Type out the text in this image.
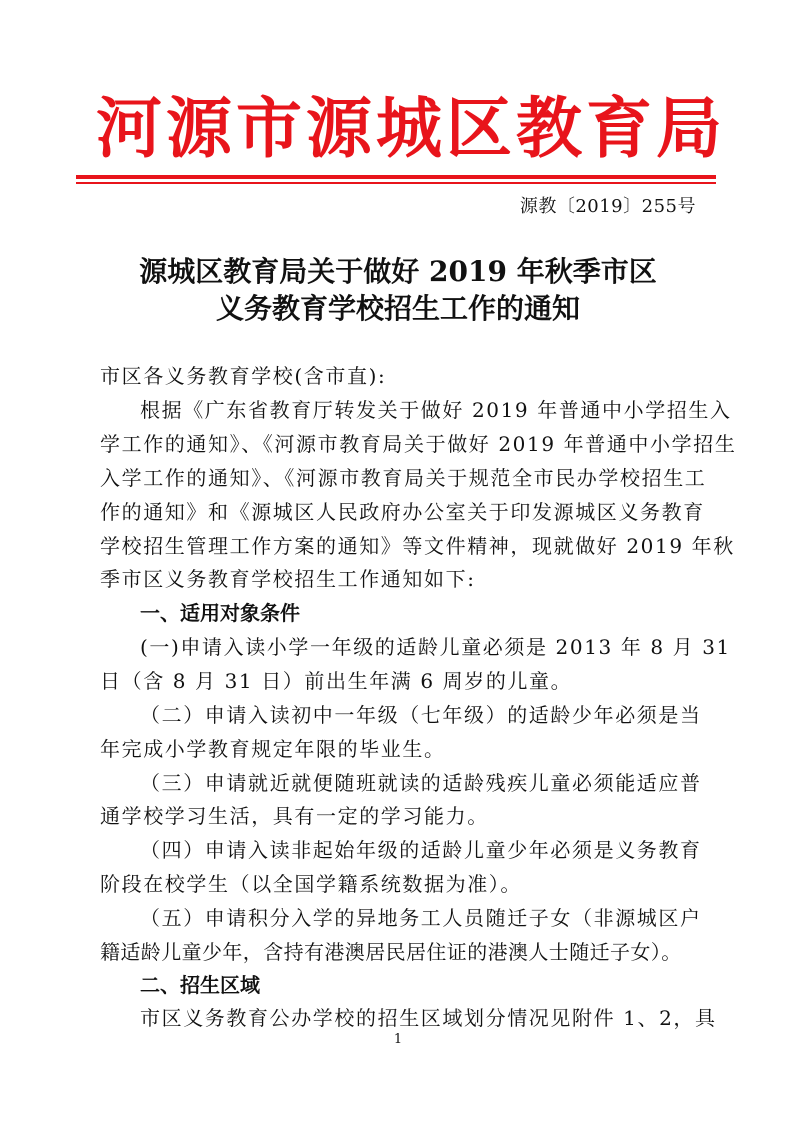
河源市源城区教育局
源教〔2019〕255号
源城区教育局关于做好 2019 年秋季市区
义务教育学校招生工作的通知

市区各义务教育学校(含市直):
根据《广东省教育厅转发关于做好 2019 年普通中小学招生入
学工作的通知》、《河源市教育局关于做好 2019 年普通中小学招生
入学工作的通知》、《河源市教育局关于规范全市民办学校招生工
作的通知》和《源城区人民政府办公室关于印发源城区义务教育
学校招生管理工作方案的通知》等文件精神，现就做好 2019 年秋
季市区义务教育学校招生工作通知如下:
一、适用对象条件
(一)申请入读小学一年级的适龄儿童必须是 2013 年 8 月 31
日（含 8 月 31 日）前出生年满 6 周岁的儿童。
（二）申请入读初中一年级（七年级）的适龄少年必须是当
年完成小学教育规定年限的毕业生。
（三）申请就近就便随班就读的适龄残疾儿童必须能适应普
通学校学习生活，具有一定的学习能力。
（四）申请入读非起始年级的适龄儿童少年必须是义务教育
阶段在校学生（以全国学籍系统数据为准）。
（五）申请积分入学的异地务工人员随迁子女（非源城区户
籍适龄儿童少年，含持有港澳居民居住证的港澳人士随迁子女）。
二、招生区域
市区义务教育公办学校的招生区域划分情况见附件 1、2，具
1
